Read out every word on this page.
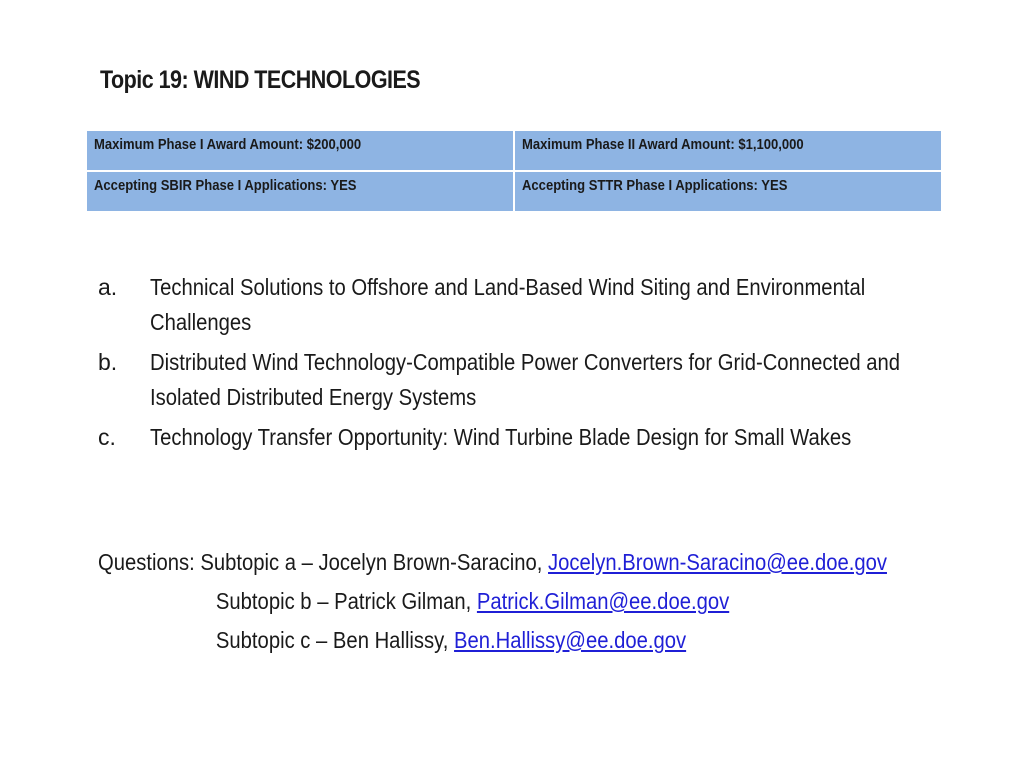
Topic 19: WIND TECHNOLOGIES
Maximum Phase I Award Amount: $200,000	Maximum Phase II Award Amount: $1,100,000
Accepting SBIR Phase I Applications: YES	Accepting STTR Phase I Applications: YES
a. Technical Solutions to Offshore and Land-Based Wind Siting and Environmental Challenges
b. Distributed Wind Technology-Compatible Power Converters for Grid-Connected and Isolated Distributed Energy Systems
c. Technology Transfer Opportunity: Wind Turbine Blade Design for Small Wakes
Questions: Subtopic a – Jocelyn Brown-Saracino, Jocelyn.Brown-Saracino@ee.doe.gov
Subtopic b – Patrick Gilman, Patrick.Gilman@ee.doe.gov
Subtopic c – Ben Hallissy, Ben.Hallissy@ee.doe.gov
